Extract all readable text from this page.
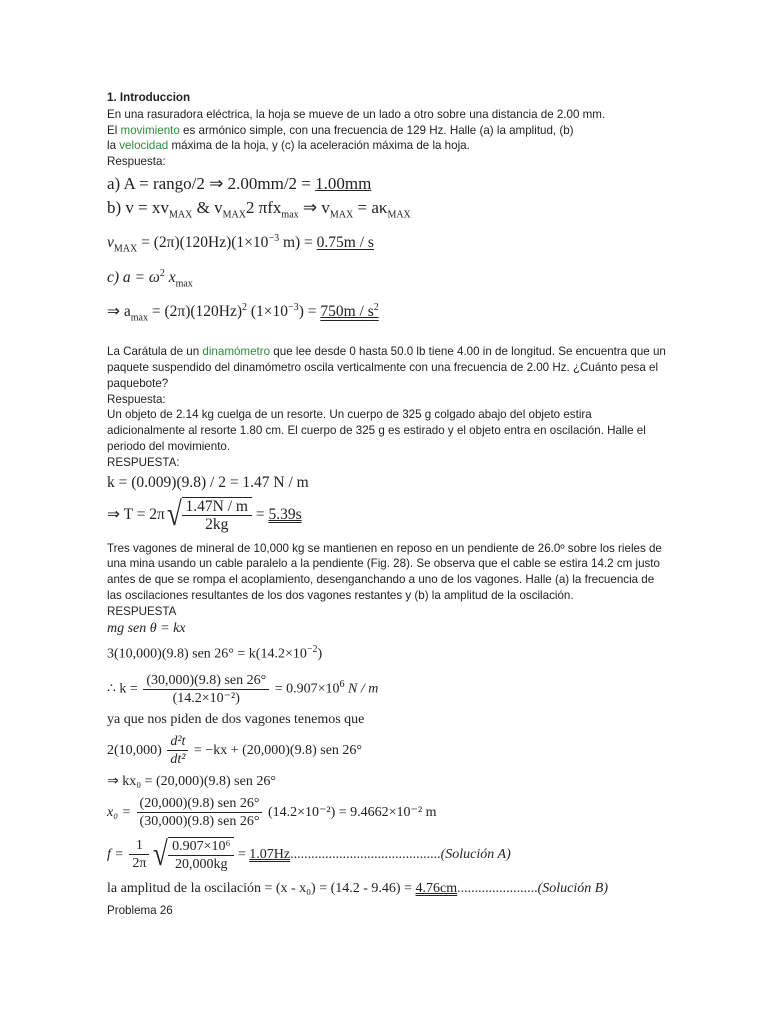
1. Introduccion
En una rasuradora eléctrica, la hoja se mueve de un lado a otro sobre una distancia de 2.00 mm.
El movimiento es armónico simple, con una frecuencia de 129 Hz. Halle (a) la amplitud, (b)
la velocidad máxima de la hoja, y (c) la aceleración máxima de la hoja.
Respuesta:
a) A = rango/2 ⇒ 2.00mm/2 = 1.00mm
b) $v = xv_{MAX}$ & $v_{MAX}2$ πfx$_{max}$ ⇒ $v_{MAX} = a\kappa_{MAX}$
$v_{MAX} = (2\pi)(120Hz)(1\times 10^{-3}$ m) = 0.75m / s
c) $a = \omega^2$ $x_{max}$
⇒ $a_{max} = (2\pi)(120Hz)^2$ $(1\times 10^{-3}) = 750m / s^2$
La Carátula de un dinamómetro que lee desde 0 hasta 50.0 lb tiene 4.00 in de longitud. Se encuentra que un paquete suspendido del dinamómetro oscila verticalmente con una frecuencia de 2.00 Hz. ¿Cuánto pesa el paquebote?
Respuesta:
Un objeto de 2.14 kg cuelga de un resorte. Un cuerpo de 325 g colgado abajo del objeto estira adicionalmente al resorte 1.80 cm. El cuerpo de 325 g es estirado y el objeto entra en oscilación. Halle el periodo del movimiento.
RESPUESTA:
k = (0.009)(9.8) / 2 = 1.47 N / m
⇒ T = 2π √ $\frac{1.47N / m}{2kg} = 5.39s$
Tres vagones de mineral de 10,000 kg se mantienen en reposo en un pendiente de 26.0º sobre los rieles de una mina usando un cable paralelo a la pendiente (Fig. 28). Se observa que el cable se estira 14.2 cm justo antes de que se rompa el acoplamiento, desenganchando a uno de los vagones. Halle (a) la frecuencia de las oscilaciones resultantes de los dos vagones restantes y (b) la amplitud de la oscilación.
RESPUESTA
mg sen θ = kx
3(10,000)(9.8) sen $26^\circ = k(14.2\times 10^{-2})$
∴ $k = \frac{\text{(30,000)(9.8) sen 26°}}{\text{(14.2×10⁻²)}} = 0.907\times 10^6$ N / m
ya que nos piden de dos vagones tenemos que
$2(10,000) \frac{\text{d²t}}{\text{dt²}} = -kx + (20,000)(9.8)$ sen 26°
⇒ kx₀ = (20,000)(9.8) sen 26°
$x_0 = \frac{\text{(20,000)(9.8) sen 26°}}{\text{(30,000)(9.8) sen 26°}} (14.2\times 10^{-2}) = 9.4662\times 10^{-2}$ m
$f = \frac{1}{2\pi}$ √ $\frac{\text{0.907×10⁶}}{20,000kg}$ = 1.07Hz...........................................(Solución A)
la amplitud de la oscilación = (x - x₀) = (14.2 - 9.46) = 4.76cm.......................(Solución B)
Problema 26
